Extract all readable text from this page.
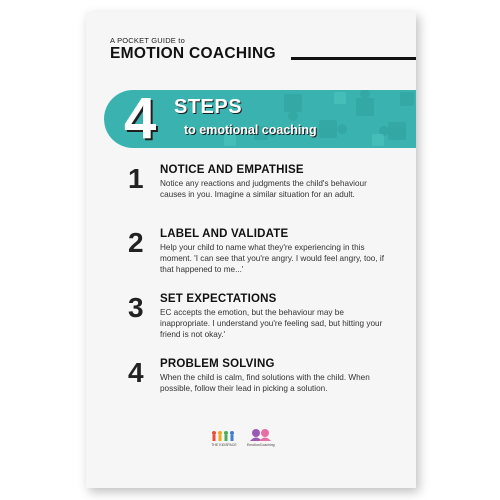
A POCKET GUIDE to
EMOTION COACHING
4 STEPS
to emotional coaching
1 NOTICE AND EMPATHISE
Notice any reactions and judgments the child's behaviour causes in you. Imagine a similar situation for an adult.
2 LABEL AND VALIDATE
Help your child to name what they're experiencing in this moment. 'I can see that you're angry. I would feel angry, too, if that happened to me...'
3 SET EXPECTATIONS
EC accepts the emotion, but the behaviour may be inappropriate. I understand you're feeling sad, but hitting your friend is not okay.'
4 PROBLEM SOLVING
When the child is calm, find solutions with the child. When possible, follow their lead in picking a solution.
THE KIDSPACE	EmotionCoaching
